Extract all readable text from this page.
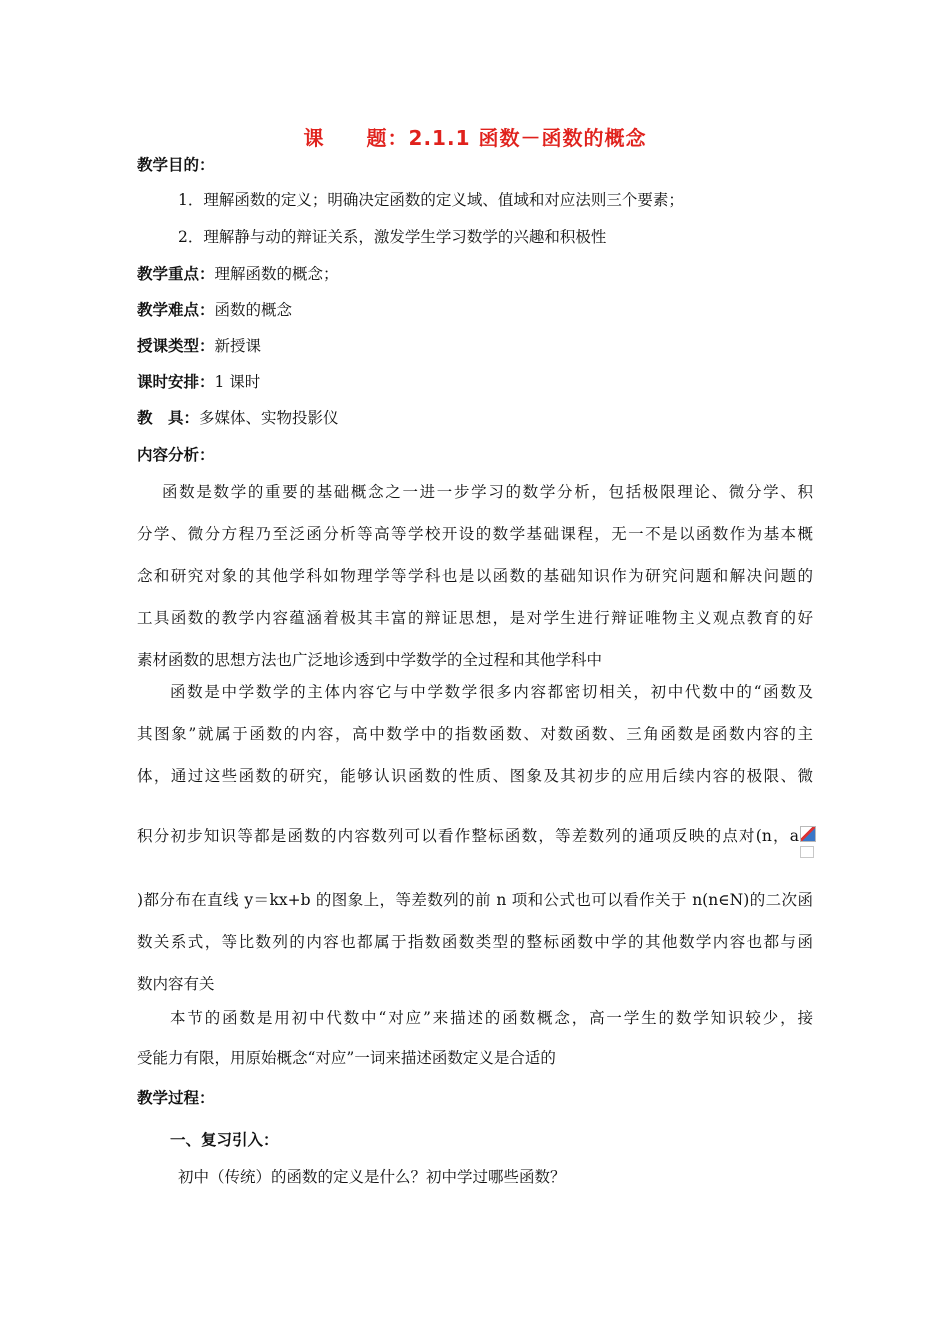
课　　题：2.1.1 函数－函数的概念
教学目的：
1．理解函数的定义；明确决定函数的定义域、值域和对应法则三个要素；
2．理解静与动的辩证关系，激发学生学习数学的兴趣和积极性
教学重点：理解函数的概念；
教学难点：函数的概念
授课类型：新授课
课时安排：1 课时
教　具：多媒体、实物投影仪
内容分析：
函数是数学的重要的基础概念之一进一步学习的数学分析，包括极限理论、微分学、积
分学、微分方程乃至泛函分析等高等学校开设的数学基础课程，无一不是以函数作为基本概
念和研究对象的其他学科如物理学等学科也是以函数的基础知识作为研究问题和解决问题的
工具函数的教学内容蕴涵着极其丰富的辩证思想，是对学生进行辩证唯物主义观点教育的好
素材函数的思想方法也广泛地诊透到中学数学的全过程和其他学科中
函数是中学数学的主体内容它与中学数学很多内容都密切相关，初中代数中的“函数及
其图象”就属于函数的内容，高中数学中的指数函数、对数函数、三角函数是函数内容的主
体，通过这些函数的研究，能够认识函数的性质、图象及其初步的应用后续内容的极限、微
积分初步知识等都是函数的内容数列可以看作整标函数，等差数列的通项反映的点对(n，a
)都分布在直线 y＝kx+b 的图象上，等差数列的前 n 项和公式也可以看作关于 n(n∈N)的二次函
数关系式，等比数列的内容也都属于指数函数类型的整标函数中学的其他数学内容也都与函
数内容有关
本节的函数是用初中代数中“对应”来描述的函数概念，高一学生的数学知识较少，接
受能力有限，用原始概念“对应”一词来描述函数定义是合适的
教学过程：
一、复习引入：
初中（传统）的函数的定义是什么？初中学过哪些函数？
